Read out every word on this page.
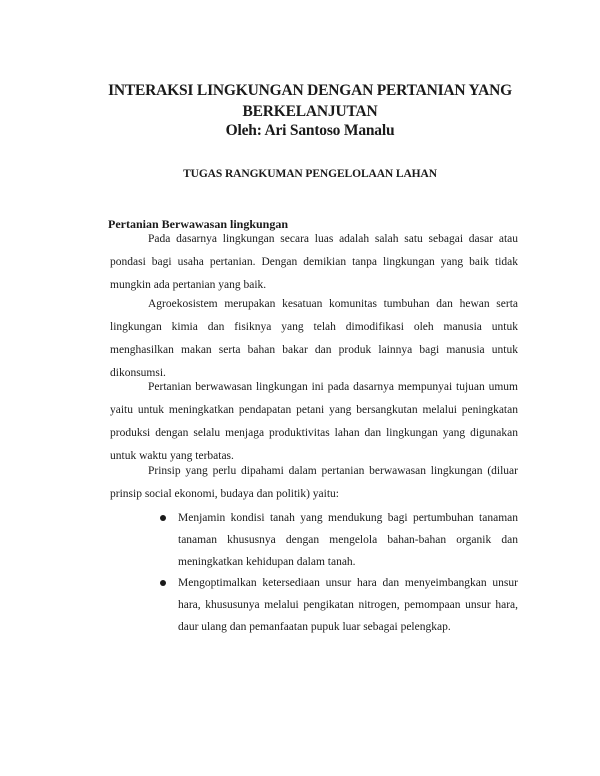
INTERAKSI LINGKUNGAN DENGAN PERTANIAN YANG
BERKELANJUTAN
Oleh: Ari Santoso Manalu
TUGAS RANGKUMAN PENGELOLAAN LAHAN
Pertanian Berwawasan lingkungan

Pada dasarnya lingkungan secara luas adalah salah satu sebagai dasar atau pondasi bagi usaha pertanian. Dengan demikian tanpa lingkungan yang baik tidak mungkin ada pertanian yang baik.

Agroekosistem merupakan kesatuan komunitas tumbuhan dan hewan serta lingkungan kimia dan fisiknya yang telah dimodifikasi oleh manusia untuk menghasilkan makan serta bahan bakar dan produk lainnya bagi manusia untuk dikonsumsi.

Pertanian berwawasan lingkungan ini pada dasarnya mempunyai tujuan umum yaitu untuk meningkatkan pendapatan petani yang bersangkutan melalui peningkatan produksi dengan selalu menjaga produktivitas lahan dan lingkungan yang digunakan untuk waktu yang terbatas.

Prinsip yang perlu dipahami dalam pertanian berwawasan lingkungan (diluar prinsip social ekonomi, budaya dan politik) yaitu:

Menjamin kondisi tanah yang mendukung bagi pertumbuhan tanaman tanaman khususnya dengan mengelola bahan-bahan organik dan meningkatkan kehidupan dalam tanah.
Mengoptimalkan ketersediaan unsur hara dan menyeimbangkan unsur hara, khususunya melalui pengikatan nitrogen, pemompaan unsur hara, daur ulang dan pemanfaatan pupuk luar sebagai pelengkap.
